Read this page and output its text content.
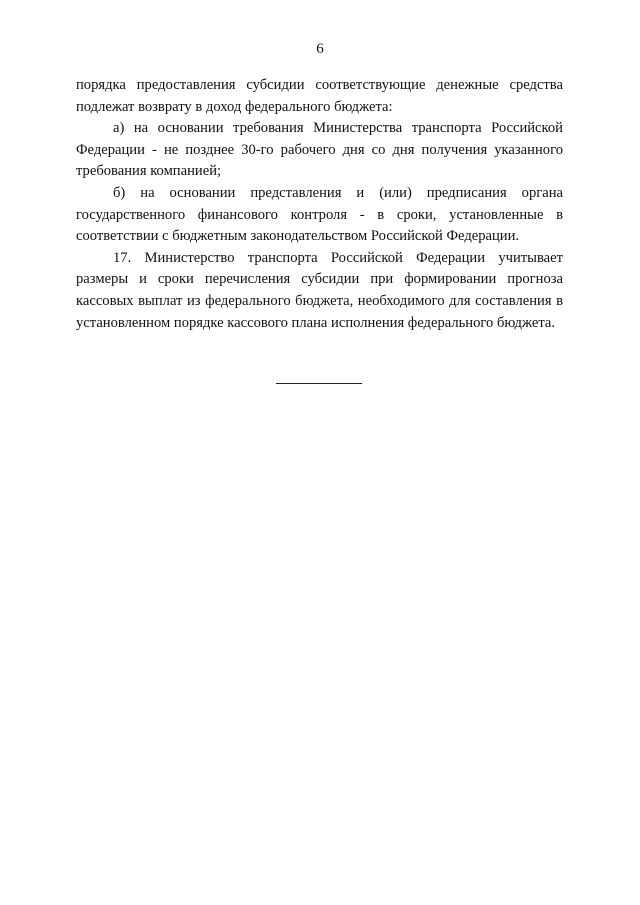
6

порядка предоставления субсидии соответствующие денежные средства подлежат возврату в доход федерального бюджета:

а) на основании требования Министерства транспорта Российской Федерации - не позднее 30-го рабочего дня со дня получения указанного требования компанией;

б) на основании представления и (или) предписания органа государственного финансового контроля - в сроки, установленные в соответствии с бюджетным законодательством Российской Федерации.

17. Министерство транспорта Российской Федерации учитывает размеры и сроки перечисления субсидии при формировании прогноза кассовых выплат из федерального бюджета, необходимого для составления в установленном порядке кассового плана исполнения федерального бюджета.
